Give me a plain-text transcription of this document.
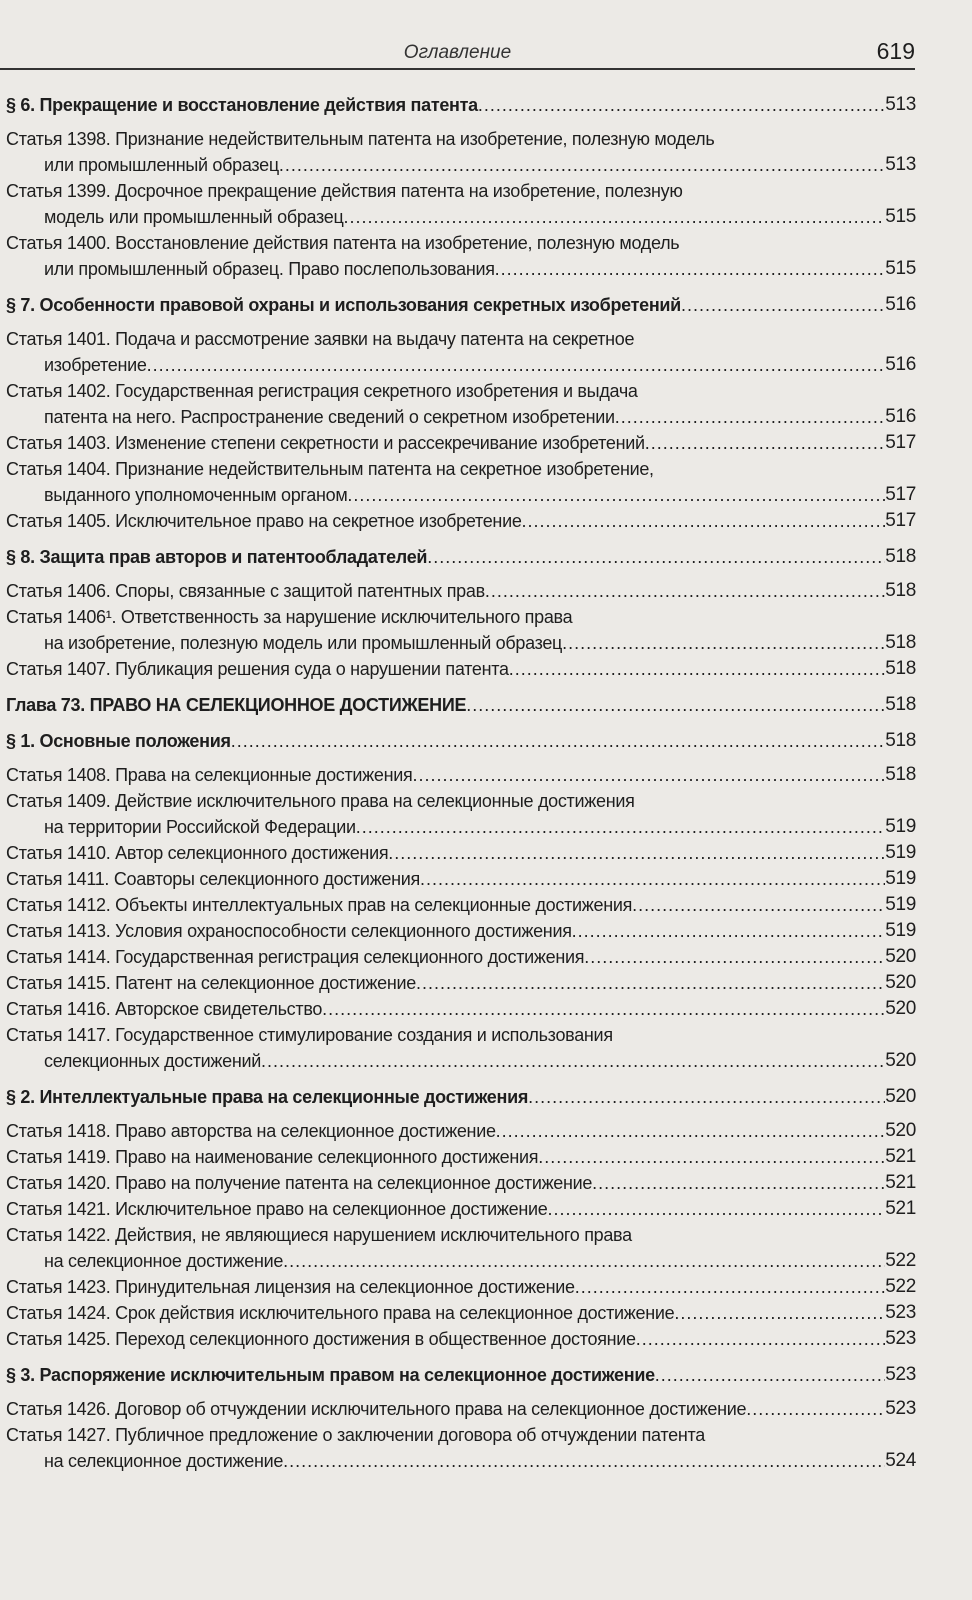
Оглавление	619
§ 6. Прекращение и восстановление действия патента .....	513
Статья 1398. Признание недействительным патента на изобретение, полезную модель
или промышленный образец .....	513
Статья 1399. Досрочное прекращение действия патента на изобретение, полезную
модель или промышленный образец .....	515
Статья 1400. Восстановление действия патента на изобретение, полезную модель
или промышленный образец. Право послепользования .....	515
§ 7. Особенности правовой охраны и использования секретных изобретений .....	516
Статья 1401. Подача и рассмотрение заявки на выдачу патента на секретное
изобретение .....	516
Статья 1402. Государственная регистрация секретного изобретения и выдача
патента на него. Распространение сведений о секретном изобретении .....	516
Статья 1403. Изменение степени секретности и рассекречивание изобретений .....	517
Статья 1404. Признание недействительным патента на секретное изобретение,
выданного уполномоченным органом .....	517
Статья 1405. Исключительное право на секретное изобретение .....	517
§ 8. Защита прав авторов и патентообладателей .....	518
Статья 1406. Споры, связанные с защитой патентных прав .....	518
Статья 1406¹. Ответственность за нарушение исключительного права
на изобретение, полезную модель или промышленный образец .....	518
Статья 1407. Публикация решения суда о нарушении патента .....	518
Глава 73. ПРАВО НА СЕЛЕКЦИОННОЕ ДОСТИЖЕНИЕ .....	518
§ 1. Основные положения .....	518
Статья 1408. Права на селекционные достижения .....	518
Статья 1409. Действие исключительного права на селекционные достижения
на территории Российской Федерации .....	519
Статья 1410. Автор селекционного достижения .....	519
Статья 1411. Соавторы селекционного достижения .....	519
Статья 1412. Объекты интеллектуальных прав на селекционные достижения .....	519
Статья 1413. Условия охраноспособности селекционного достижения .....	519
Статья 1414. Государственная регистрация селекционного достижения .....	520
Статья 1415. Патент на селекционное достижение .....	520
Статья 1416. Авторское свидетельство .....	520
Статья 1417. Государственное стимулирование создания и использования
селекционных достижений .....	520
§ 2. Интеллектуальные права на селекционные достижения .....	520
Статья 1418. Право авторства на селекционное достижение .....	520
Статья 1419. Право на наименование селекционного достижения .....	521
Статья 1420. Право на получение патента на селекционное достижение .....	521
Статья 1421. Исключительное право на селекционное достижение .....	521
Статья 1422. Действия, не являющиеся нарушением исключительного права
на селекционное достижение .....	522
Статья 1423. Принудительная лицензия на селекционное достижение .....	522
Статья 1424. Срок действия исключительного права на селекционное достижение .....	523
Статья 1425. Переход селекционного достижения в общественное достояние .....	523
§ 3. Распоряжение исключительным правом на селекционное достижение .....	523
Статья 1426. Договор об отчуждении исключительного права на селекционное достижение .....	523
Статья 1427. Публичное предложение о заключении договора об отчуждении патента
на селекционное достижение .....	524
